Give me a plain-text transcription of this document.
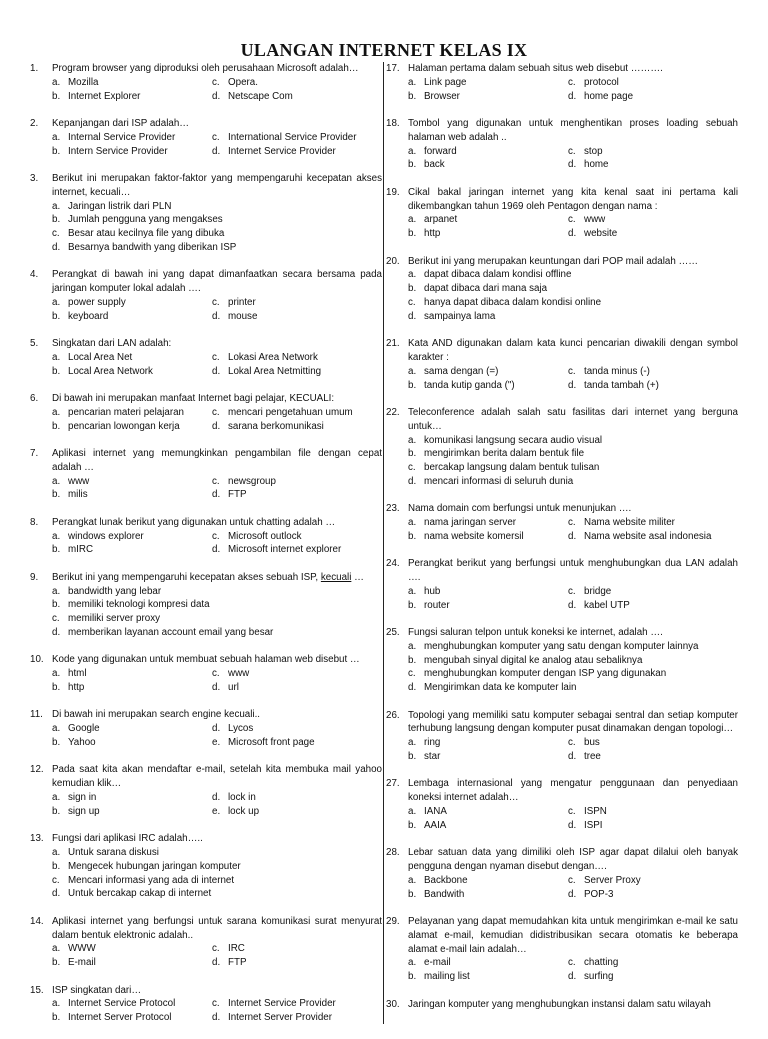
ULANGAN INTERNET KELAS IX
1. Program browser yang diproduksi oleh perusahaan Microsoft adalah…
a. Mozilla	c. Opera.
b. Internet Explorer	d. Netscape Com
2. Kepanjangan dari ISP adalah…
a. Internal Service Provider	c. International Service Provider
b. Intern Service Provider	d. Internet Service Provider
3. Berikut ini merupakan faktor-faktor yang mempengaruhi kecepatan akses internet, kecuali…
a. Jaringan listrik dari PLN
b. Jumlah pengguna yang mengakses
c. Besar atau kecilnya file yang dibuka
d. Besarnya bandwith yang diberikan ISP
4. Perangkat di bawah ini yang dapat dimanfaatkan secara bersama pada jaringan komputer lokal adalah ….
a. power supply	c. printer
b. keyboard	d. mouse
5. Singkatan dari LAN adalah:
a. Local Area Net	c. Lokasi Area Network
b. Local Area Network	d. Lokal Area Netmitting
6. Di bawah ini merupakan manfaat Internet bagi pelajar, KECUALI:
a. pencarian materi pelajaran	c. mencari pengetahuan umum
b. pencarian lowongan kerja	d. sarana berkomunikasi
7. Aplikasi internet yang memungkinkan pengambilan file dengan cepat adalah …
a. www	c. newsgroup
b. milis	d. FTP
8. Perangkat lunak berikut yang digunakan untuk chatting adalah …
a. windows explorer	c. Microsoft outlock
b. mIRC	d. Microsoft internet explorer
9. Berikut ini yang mempengaruhi kecepatan akses sebuah ISP, kecuali …
a. bandwidth yang lebar
b. memiliki teknologi kompresi data
c. memiliki server proxy
d. memberikan layanan account email yang besar
10. Kode yang digunakan untuk membuat sebuah halaman web disebut …
a. html	c. www
b. http	d. url
11. Di bawah ini merupakan search engine kecuali..
a. Google	d. Lycos
b. Yahoo	e. Microsoft front page
12. Pada saat kita akan mendaftar e-mail, setelah kita membuka mail yahoo kemudian klik…
a. sign in	d. lock in
b. sign up	e. lock up
13. Fungsi dari aplikasi IRC adalah…..
a. Untuk sarana diskusi
b. Mengecek hubungan jaringan komputer
c. Mencari informasi yang ada di internet
d. Untuk bercakap cakap di internet
14. Aplikasi internet yang berfungsi untuk sarana komunikasi surat menyurat dalam bentuk elektronic adalah..
a. WWW	c. IRC
b. E-mail	d. FTP
15. ISP singkatan dari…
a. Internet Service Protocol	c. Internet Service Provider
b. Internet Server Protocol	d. Internet Server Provider
17. Halaman pertama dalam sebuah situs web disebut ……….
a. Link page	c. protocol
b. Browser	d. home page
18. Tombol yang digunakan untuk menghentikan proses loading sebuah halaman web adalah ..
a. forward	c. stop
b. back	d. home
19. Cikal bakal jaringan internet yang kita kenal saat ini pertama kali dikembangkan tahun 1969 oleh Pentagon dengan nama :
a. arpanet	c. www
b. http	d. website
20. Berikut ini yang merupakan keuntungan dari POP mail adalah ……
a. dapat dibaca dalam kondisi offline
b. dapat dibaca dari mana saja
c. hanya dapat dibaca dalam kondisi online
d. sampainya lama
21. Kata AND digunakan dalam kata kunci pencarian diwakili dengan symbol karakter :
a. sama dengan (=)	c. tanda minus (-)
b. tanda kutip ganda (")	d. tanda tambah (+)
22. Teleconference adalah salah satu fasilitas dari internet yang berguna untuk…
a. komunikasi langsung secara audio visual
b. mengirimkan berita dalam bentuk file
c. bercakap langsung dalam bentuk tulisan
d. mencari informasi di seluruh dunia
23. Nama domain com berfungsi untuk menunjukan ….
a. nama jaringan server	c. Nama website militer
b. nama website komersil	d. Nama website asal indonesia
24. Perangkat berikut yang berfungsi untuk menghubungkan dua LAN adalah ….
a. hub	c. bridge
b. router	d. kabel UTP
25. Fungsi saluran telpon untuk koneksi ke internet, adalah ….
a. menghubungkan komputer yang satu dengan komputer lainnya
b. mengubah sinyal digital ke analog atau sebaliknya
c. menghubungkan komputer dengan ISP yang digunakan
d. Mengirimkan data ke komputer lain
26. Topologi yang memiliki satu komputer sebagai sentral dan setiap komputer terhubung langsung dengan komputer pusat dinamakan dengan topologi…
a. ring	c. bus
b. star	d. tree
27. Lembaga internasional yang mengatur penggunaan dan penyediaan koneksi internet adalah…
a. IANA	c. ISPN
b. AAIA	d. ISPI
28. Lebar satuan data yang dimiliki oleh ISP agar dapat dilalui oleh banyak pengguna dengan nyaman disebut dengan….
a. Backbone	c. Server Proxy
b. Bandwith	d. POP-3
29. Pelayanan yang dapat memudahkan kita untuk mengirimkan e-mail ke satu alamat e-mail, kemudian didistribusikan secara otomatis ke beberapa alamat e-mail lain adalah…
a. e-mail	c. chatting
b. mailing list	d. surfing
30. Jaringan komputer yang menghubungkan instansi dalam satu wilayah
